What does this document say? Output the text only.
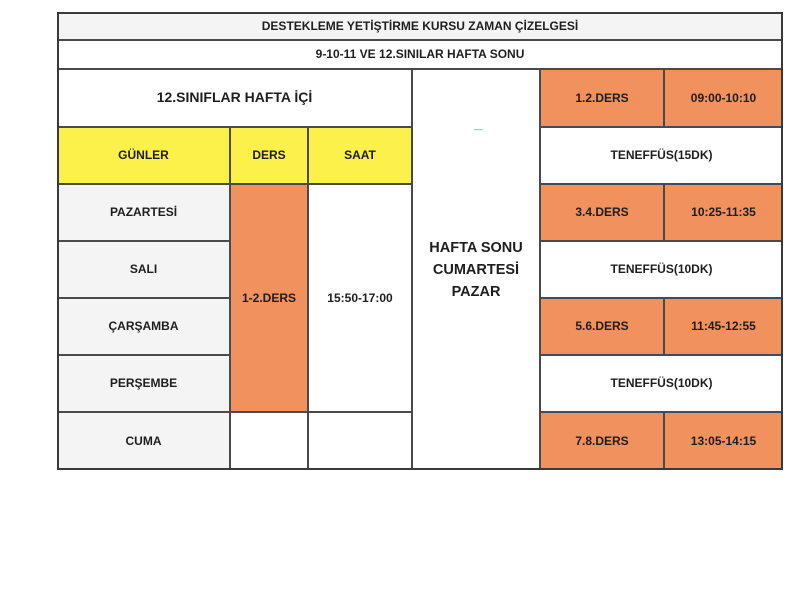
DESTEKLEME YETİŞTİRME KURSU ZAMAN ÇİZELGESİ
9-10-11 VE 12.SINILAR HAFTA SONU
12.SINIFLAR HAFTA İÇİ
GÜNLER	DERS	SAAT
PAZARTESİ
SALI
ÇARŞAMBA
PERŞEMBE
CUMA
1-2.DERS	15:50-17:00
HAFTA SONU
CUMARTESİ
PAZAR
1.2.DERS	09:00-10:10
TENEFFÜS(15DK)
3.4.DERS	10:25-11:35
TENEFFÜS(10DK)
5.6.DERS	11:45-12:55
TENEFFÜS(10DK)
7.8.DERS	13:05-14:15
—
